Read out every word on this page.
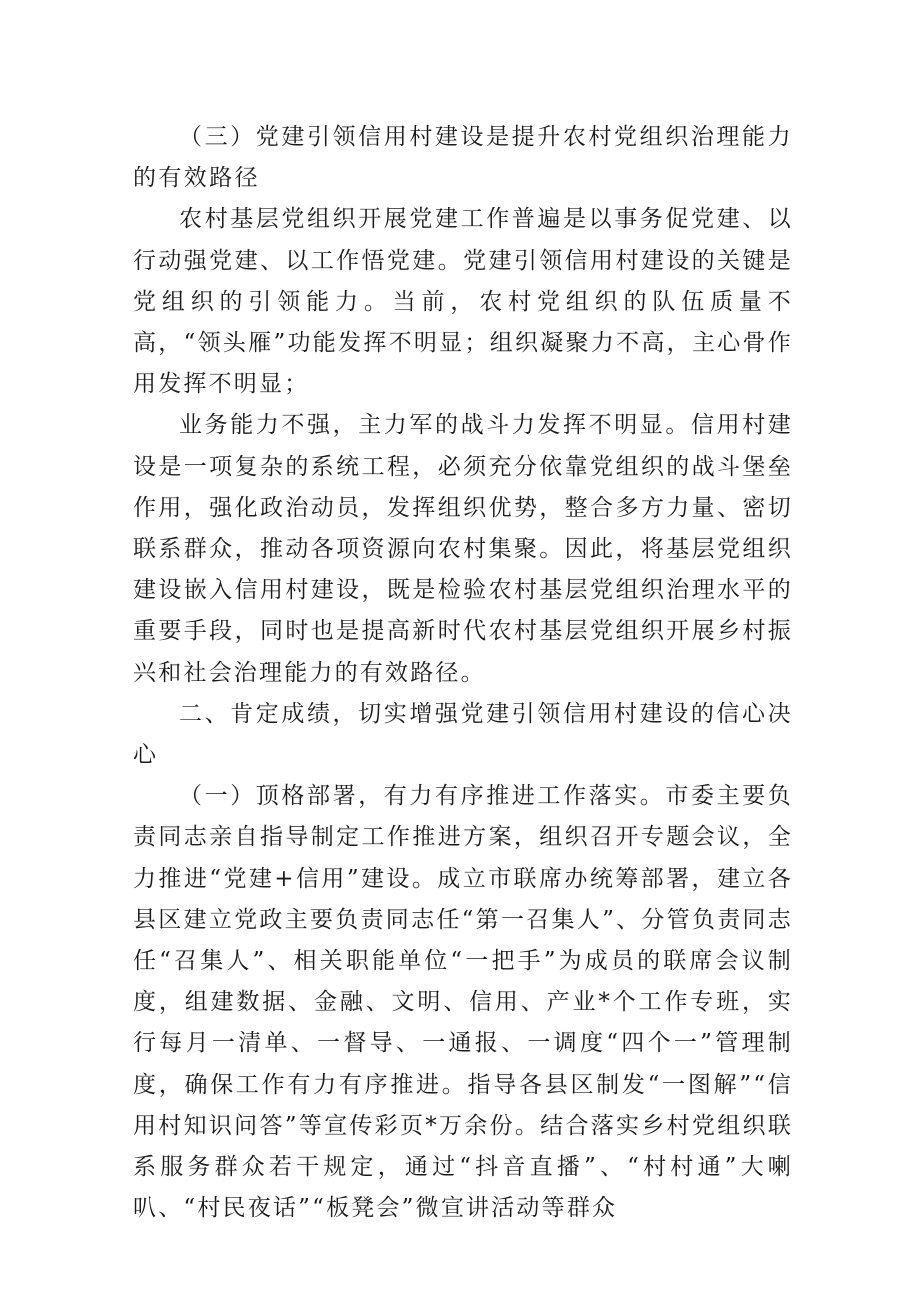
（三）党建引领信用村建设是提升农村党组织治理能力的有效路径

农村基层党组织开展党建工作普遍是以事务促党建、以行动强党建、以工作悟党建。党建引领信用村建设的关键是党组织的引领能力。当前，农村党组织的队伍质量不高，“领头雁”功能发挥不明显；组织凝聚力不高，主心骨作用发挥不明显；

业务能力不强，主力军的战斗力发挥不明显。信用村建设是一项复杂的系统工程，必须充分依靠党组织的战斗堡垒作用，强化政治动员，发挥组织优势，整合多方力量、密切联系群众，推动各项资源向农村集聚。因此，将基层党组织建设嵌入信用村建设，既是检验农村基层党组织治理水平的重要手段，同时也是提高新时代农村基层党组织开展乡村振兴和社会治理能力的有效路径。

二、肯定成绩，切实增强党建引领信用村建设的信心决心

（一）顶格部署，有力有序推进工作落实。市委主要负责同志亲自指导制定工作推进方案，组织召开专题会议，全力推进“党建+信用”建设。成立市联席办统筹部署，建立各县区建立党政主要负责同志任“第一召集人”、分管负责同志任“召集人”、相关职能单位“一把手”为成员的联席会议制度，组建数据、金融、文明、信用、产业*个工作专班，实行每月一清单、一督导、一通报、一调度“四个一”管理制度，确保工作有力有序推进。指导各县区制发“一图解”“信用村知识问答”等宣传彩页*万余份。结合落实乡村党组织联系服务群众若干规定，通过“抖音直播”、“村村通”大喇叭、“村民夜话”“板凳会”微宣讲活动等群众
